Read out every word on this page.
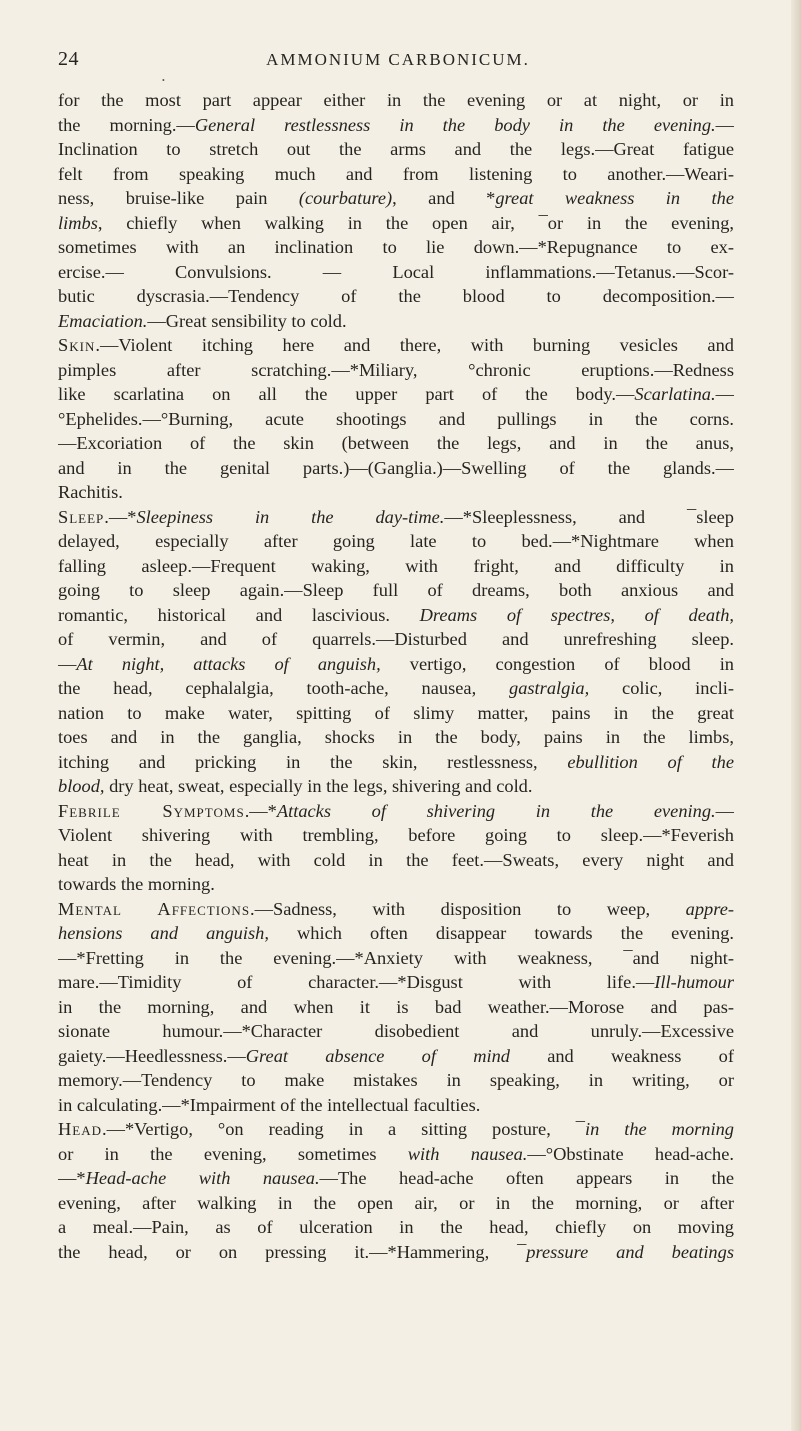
24	AMMONIUM CARBONICUM.
•
for the most part appear either in the evening or at night, or in
the morning.—General restlessness in the body in the evening.—
Inclination to stretch out the arms and the legs.—Great fatigue
felt from speaking much and from listening to another.—Weari-
ness, bruise-like pain (courbature), and *great weakness in the
limbs, chiefly when walking in the open air, ¯or in the evening,
sometimes with an inclination to lie down.—*Repugnance to ex-
ercise.— Convulsions. — Local inflammations.—Tetanus.—Scor-
butic dyscrasia.—Tendency of the blood to decomposition.—
Emaciation.—Great sensibility to cold.
Skin.—Violent itching here and there, with burning vesicles and
pimples after scratching.—*Miliary, °chronic eruptions.—Redness
like scarlatina on all the upper part of the body.—Scarlatina.—
°Ephelides.—°Burning, acute shootings and pullings in the corns.
—Excoriation of the skin (between the legs, and in the anus,
and in the genital parts.)—(Ganglia.)—Swelling of the glands.—
Rachitis.
Sleep.—*Sleepiness in the day-time.—*Sleeplessness, and ¯sleep
delayed, especially after going late to bed.—*Nightmare when
falling asleep.—Frequent waking, with fright, and difficulty in
going to sleep again.—Sleep full of dreams, both anxious and
romantic, historical and lascivious. Dreams of spectres, of death,
of vermin, and of quarrels.—Disturbed and unrefreshing sleep.
—At night, attacks of anguish, vertigo, congestion of blood in
the head, cephalalgia, tooth-ache, nausea, gastralgia, colic, incli-
nation to make water, spitting of slimy matter, pains in the great
toes and in the ganglia, shocks in the body, pains in the limbs,
itching and pricking in the skin, restlessness, ebullition of the
blood, dry heat, sweat, especially in the legs, shivering and cold.
Febrile Symptoms.—*Attacks of shivering in the evening.—
Violent shivering with trembling, before going to sleep.—*Feverish
heat in the head, with cold in the feet.—Sweats, every night and
towards the morning.
Mental Affections.—Sadness, with disposition to weep, appre-
hensions and anguish, which often disappear towards the evening.
—*Fretting in the evening.—*Anxiety with weakness, ¯and night-
mare.—Timidity of character.—*Disgust with life.—Ill-humour
in the morning, and when it is bad weather.—Morose and pas-
sionate humour.—*Character disobedient and unruly.—Excessive
gaiety.—Heedlessness.—Great absence of mind and weakness of
memory.—Tendency to make mistakes in speaking, in writing, or
in calculating.—*Impairment of the intellectual faculties.
Head.—*Vertigo, °on reading in a sitting posture, ¯in the morning
or in the evening, sometimes with nausea.—°Obstinate head-ache.
—*Head-ache with nausea.—The head-ache often appears in the
evening, after walking in the open air, or in the morning, or after
a meal.—Pain, as of ulceration in the head, chiefly on moving
the head, or on pressing it.—*Hammering, ¯pressure and beatings
